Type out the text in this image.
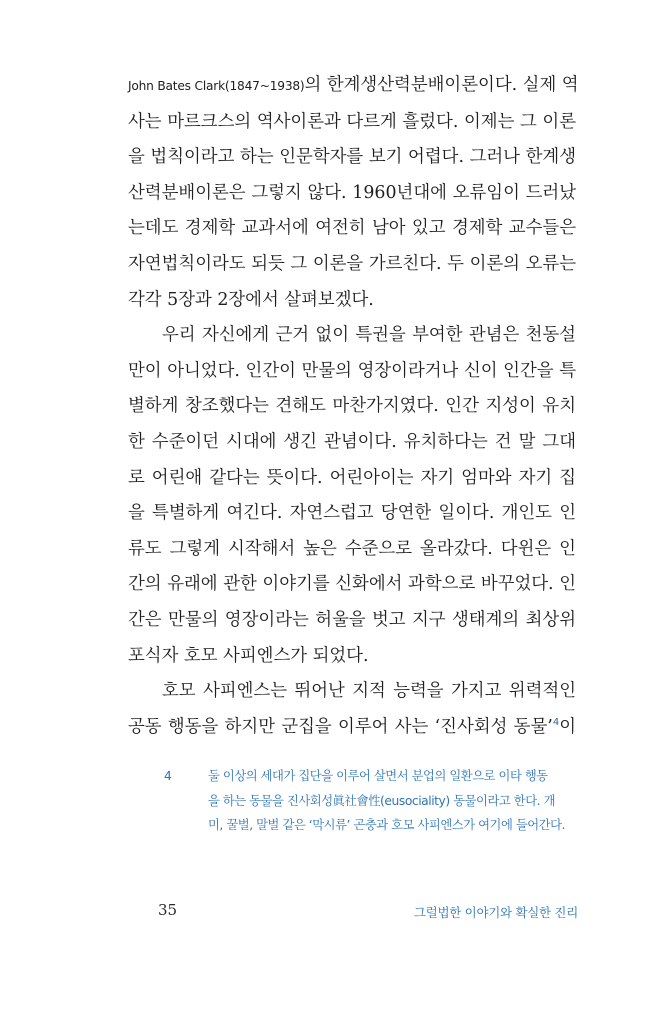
John Bates Clark(1847~1938)의 한계생산력분배이론이다. 실제 역
사는 마르크스의 역사이론과 다르게 흘렀다. 이제는 그 이론
을 법칙이라고 하는 인문학자를 보기 어렵다. 그러나 한계생
산력분배이론은 그렇지 않다. 1960년대에 오류임이 드러났
는데도 경제학 교과서에 여전히 남아 있고 경제학 교수들은
자연법칙이라도 되듯 그 이론을 가르친다. 두 이론의 오류는
각각 5장과 2장에서 살펴보겠다.

우리 자신에게 근거 없이 특권을 부여한 관념은 천동설
만이 아니었다. 인간이 만물의 영장이라거나 신이 인간을 특
별하게 창조했다는 견해도 마찬가지였다. 인간 지성이 유치
한 수준이던 시대에 생긴 관념이다. 유치하다는 건 말 그대
로 어린애 같다는 뜻이다. 어린아이는 자기 엄마와 자기 집
을 특별하게 여긴다. 자연스럽고 당연한 일이다. 개인도 인
류도 그렇게 시작해서 높은 수준으로 올라갔다. 다윈은 인
간의 유래에 관한 이야기를 신화에서 과학으로 바꾸었다. 인
간은 만물의 영장이라는 허울을 벗고 지구 생태계의 최상위
포식자 호모 사피엔스가 되었다.

호모 사피엔스는 뛰어난 지적 능력을 가지고 위력적인
공동 행동을 하지만 군집을 이루어 사는 ‘진사회성 동물’$^4$이

4	둘 이상의 세대가 집단을 이루어 살면서 분업의 일환으로 이타 행동
을 하는 동물을 진사회성眞社會性(eusociality) 동물이라고 한다. 개
미, 꿀벌, 말벌 같은 ‘막시류’ 곤충과 호모 사피엔스가 여기에 들어간다.
35	그럴법한 이야기와 확실한 진리
